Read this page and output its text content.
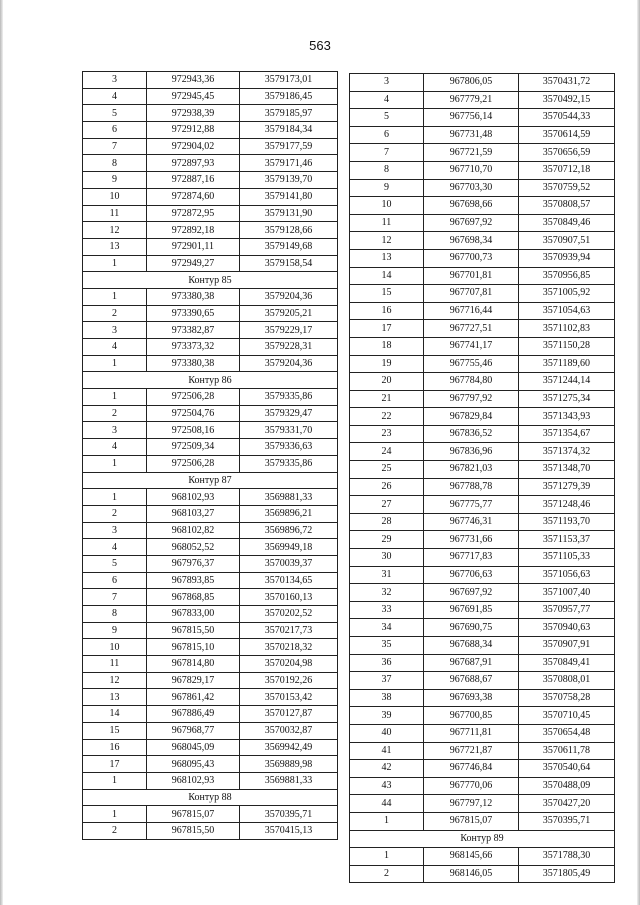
563
3	972943,36	3579173,01
4	972945,45	3579186,45
5	972938,39	3579185,97
6	972912,88	3579184,34
7	972904,02	3579177,59
8	972897,93	3579171,46
9	972887,16	3579139,70
10	972874,60	3579141,80
11	972872,95	3579131,90
12	972892,18	3579128,66
13	972901,11	3579149,68
1	972949,27	3579158,54
Контур 85		
1	973380,38	3579204,36
2	973390,65	3579205,21
3	973382,87	3579229,17
4	973373,32	3579228,31
1	973380,38	3579204,36
Контур 86		
1	972506,28	3579335,86
2	972504,76	3579329,47
3	972508,16	3579331,70
4	972509,34	3579336,63
1	972506,28	3579335,86
Контур 87		
1	968102,93	3569881,33
2	968103,27	3569896,21
3	968102,82	3569896,72
4	968052,52	3569949,18
5	967976,37	3570039,37
6	967893,85	3570134,65
7	967868,85	3570160,13
8	967833,00	3570202,52
9	967815,50	3570217,73
10	967815,10	3570218,32
11	967814,80	3570204,98
12	967829,17	3570192,26
13	967861,42	3570153,42
14	967886,49	3570127,87
15	967968,77	3570032,87
16	968045,09	3569942,49
17	968095,43	3569889,98
1	968102,93	3569881,33
Контур 88		
1	967815,07	3570395,71
2	967815,50	3570415,13
3	967806,05	3570431,72
4	967779,21	3570492,15
5	967756,14	3570544,33
6	967731,48	3570614,59
7	967721,59	3570656,59
8	967710,70	3570712,18
9	967703,30	3570759,52
10	967698,66	3570808,57
11	967697,92	3570849,46
12	967698,34	3570907,51
13	967700,73	3570939,94
14	967701,81	3570956,85
15	967707,81	3571005,92
16	967716,44	3571054,63
17	967727,51	3571102,83
18	967741,17	3571150,28
19	967755,46	3571189,60
20	967784,80	3571244,14
21	967797,92	3571275,34
22	967829,84	3571343,93
23	967836,52	3571354,67
24	967836,96	3571374,32
25	967821,03	3571348,70
26	967788,78	3571279,39
27	967775,77	3571248,46
28	967746,31	3571193,70
29	967731,66	3571153,37
30	967717,83	3571105,33
31	967706,63	3571056,63
32	967697,92	3571007,40
33	967691,85	3570957,77
34	967690,75	3570940,63
35	967688,34	3570907,91
36	967687,91	3570849,41
37	967688,67	3570808,01
38	967693,38	3570758,28
39	967700,85	3570710,45
40	967711,81	3570654,48
41	967721,87	3570611,78
42	967746,84	3570540,64
43	967770,06	3570488,09
44	967797,12	3570427,20
1	967815,07	3570395,71
Контур 89		
1	968145,66	3571788,30
2	968146,05	3571805,49
